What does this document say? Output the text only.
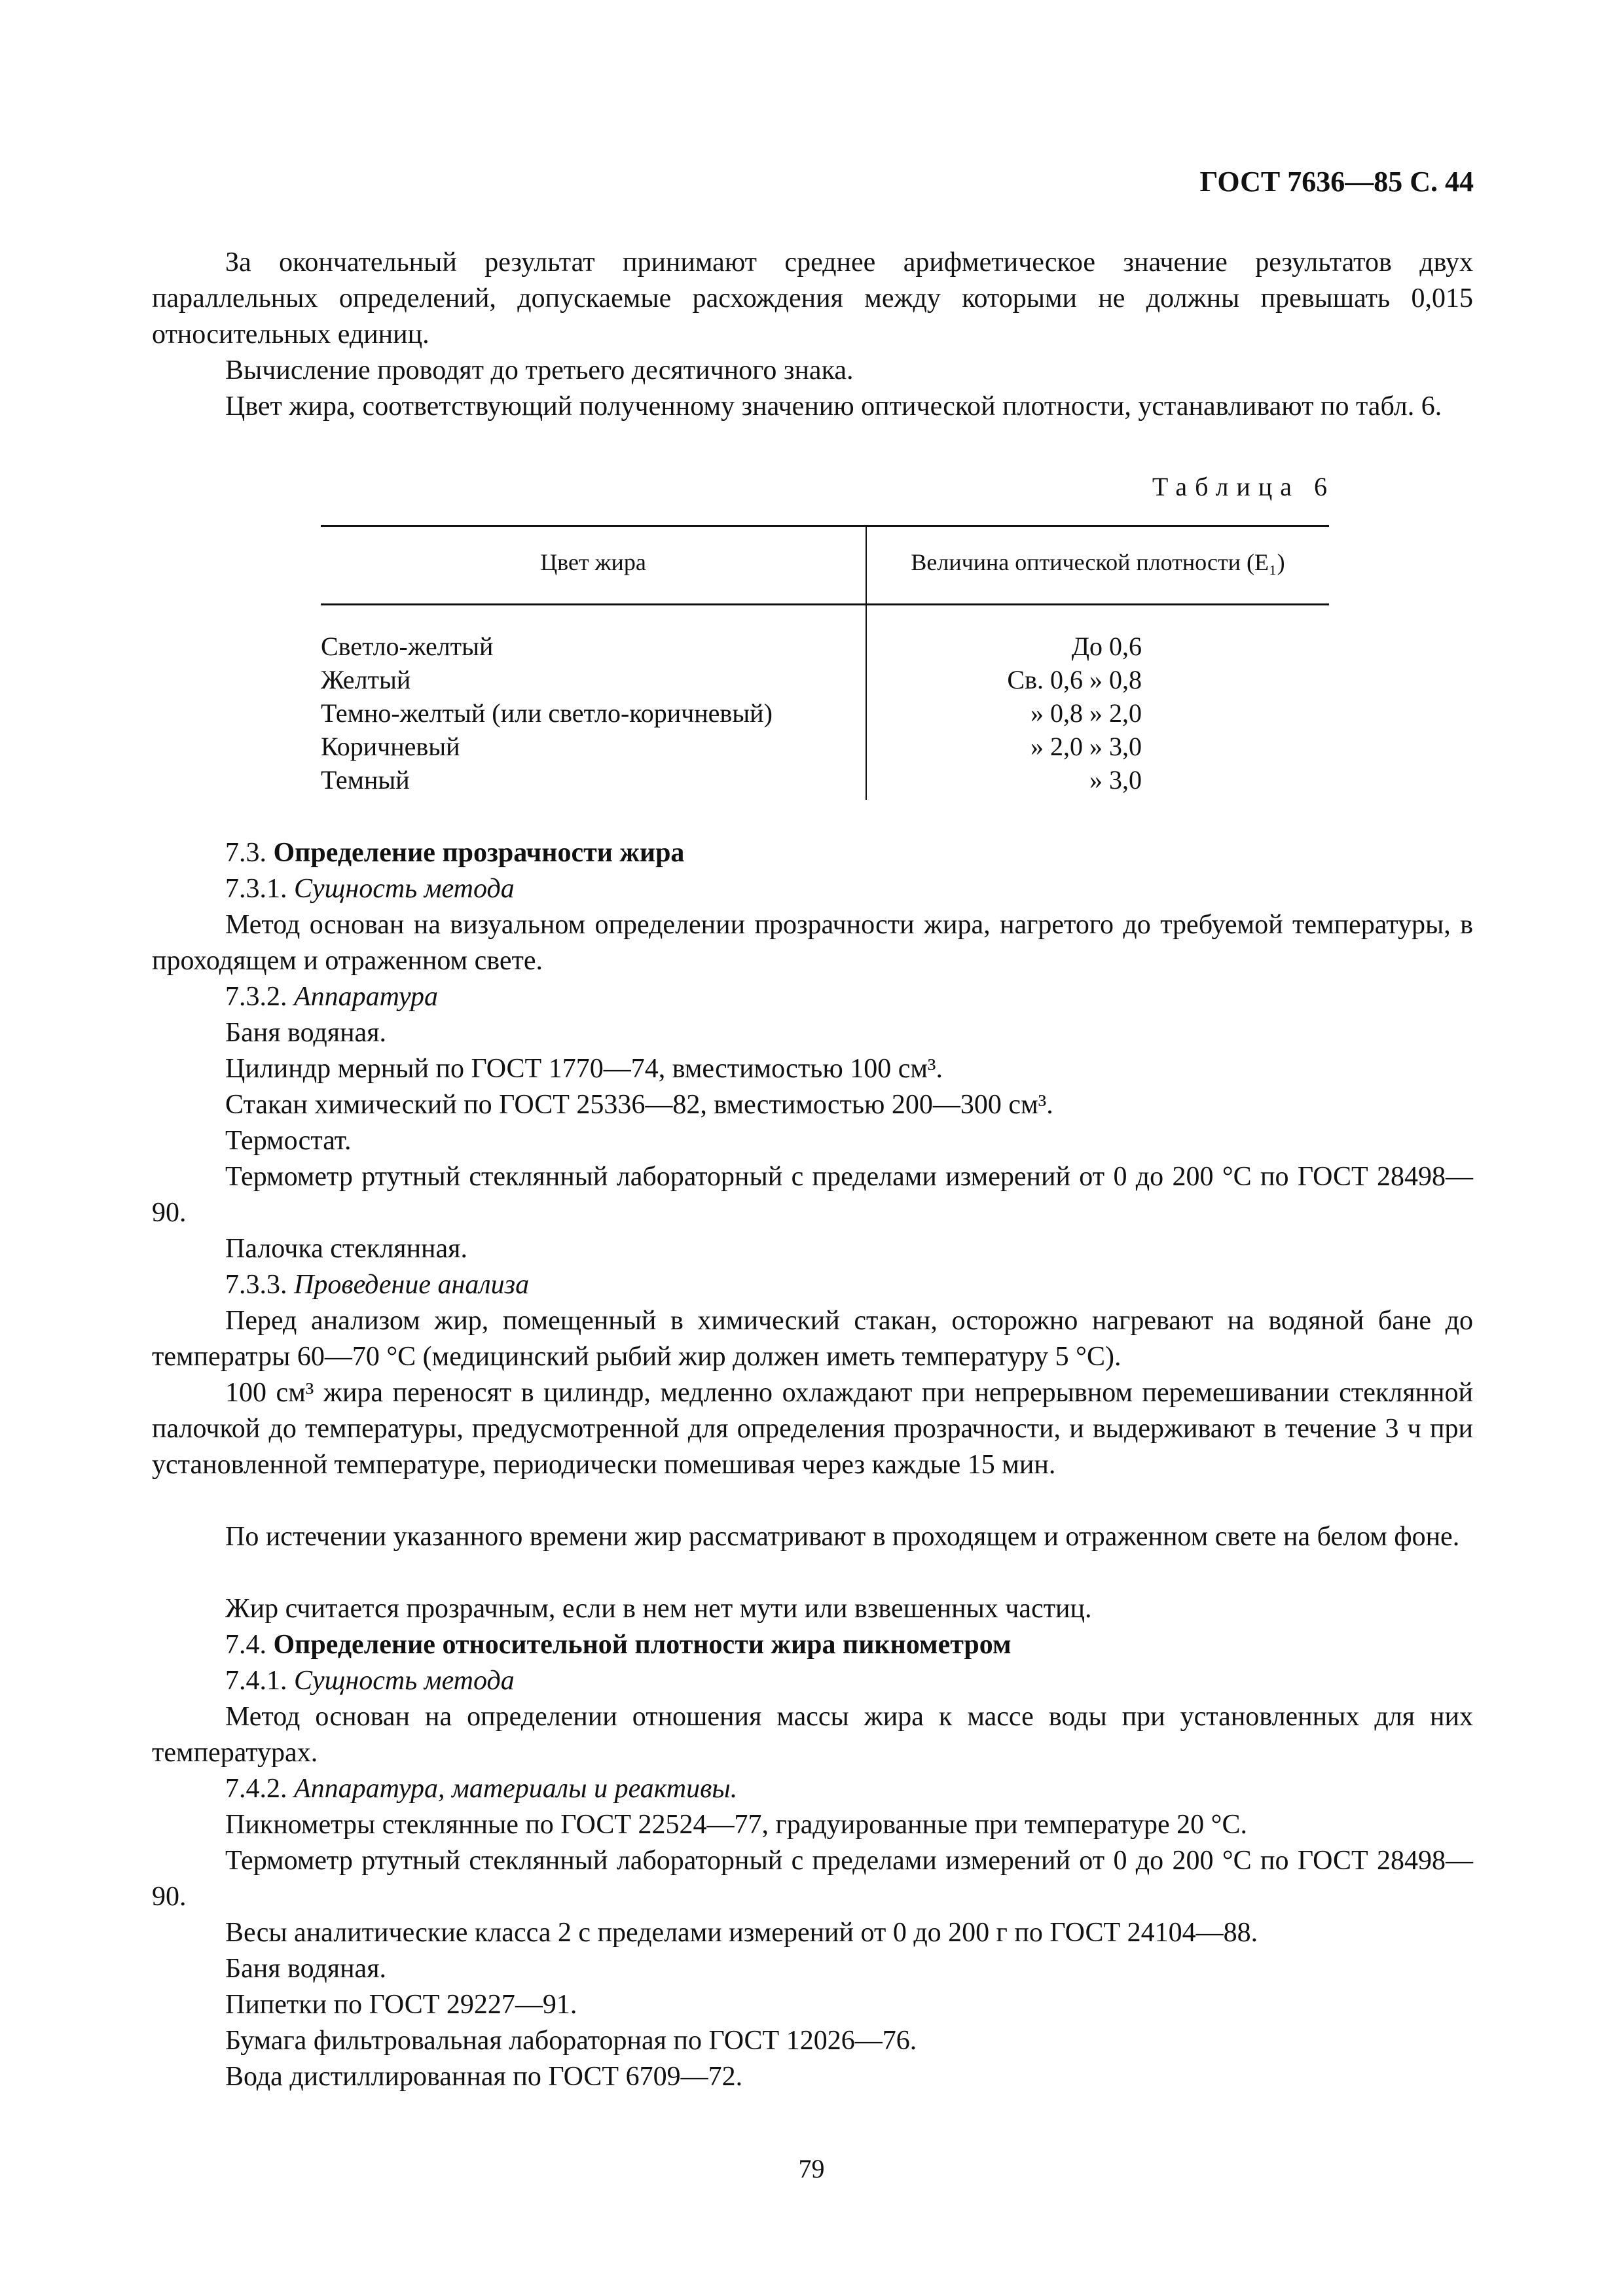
ГОСТ 7636—85 С. 44

За окончательный результат принимают среднее арифметическое значение результатов двух параллельных определений, допускаемые расхождения между которыми не должны превышать 0,015 относительных единиц.

Вычисление проводят до третьего десятичного знака.

Цвет жира, соответствующий полученному значению оптической плотности, устанавливают по табл. 6.

Таблица 6
Цвет жира	Величина оптической плотности (E₁)
Светло-желтый
Желтый
Темно-желтый (или светло-коричневый)
Коричневый
Темный
До 0,6
Св. 0,6 » 0,8
» 0,8 » 2,0
» 2,0 » 3,0
» 3,0

7.3. Определение прозрачности жира

7.3.1. Сущность метода

Метод основан на визуальном определении прозрачности жира, нагретого до требуемой температуры, в проходящем и отраженном свете.

7.3.2. Аппаратура

Баня водяная.

Цилиндр мерный по ГОСТ 1770—74, вместимостью 100 см³.

Стакан химический по ГОСТ 25336—82, вместимостью 200—300 см³.

Термостат.

Термометр ртутный стеклянный лабораторный с пределами измерений от 0 до 200 °С по ГОСТ 28498—90.

Палочка стеклянная.

7.3.3. Проведение анализа

Перед анализом жир, помещенный в химический стакан, осторожно нагревают на водяной бане до температры 60—70 °С (медицинский рыбий жир должен иметь температуру 5 °С).

100 см³ жира переносят в цилиндр, медленно охлаждают при непрерывном перемешивании стеклянной палочкой до температуры, предусмотренной для определения прозрачности, и выдерживают в течение 3 ч при установленной температуре, периодически помешивая через каждые 15 мин.

По истечении указанного времени жир рассматривают в проходящем и отраженном свете на белом фоне.

Жир считается прозрачным, если в нем нет мути или взвешенных частиц.

7.4. Определение относительной плотности жира пикнометром

7.4.1. Сущность метода

Метод основан на определении отношения массы жира к массе воды при установленных для них температурах.

7.4.2. Аппаратура, материалы и реактивы.

Пикнометры стеклянные по ГОСТ 22524—77, градуированные при температуре 20 °С.

Термометр ртутный стеклянный лабораторный с пределами измерений от 0 до 200 °С по ГОСТ 28498—90.

Весы аналитические класса 2 с пределами измерений от 0 до 200 г по ГОСТ 24104—88.

Баня водяная.

Пипетки по ГОСТ 29227—91.

Бумага фильтровальная лабораторная по ГОСТ 12026—76.

Вода дистиллированная по ГОСТ 6709—72.

79
